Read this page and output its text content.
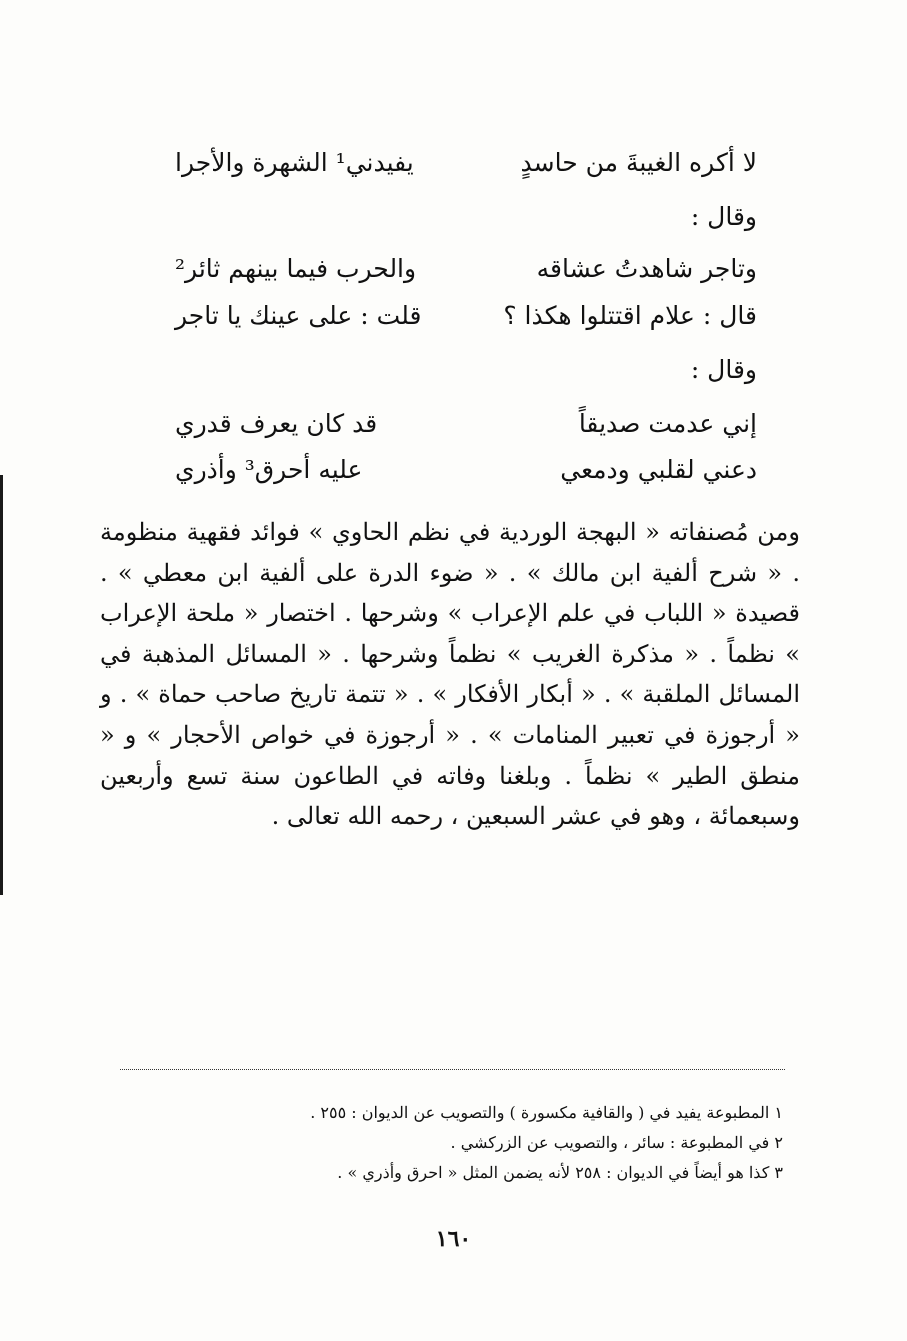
لا أكره الغيبةَ من حاسدٍ
يفيدني¹ الشهرة والأجرا
وقال :
وتاجر شاهدتُ عشاقه
والحرب فيما بينهم ثائر²
قال : علام اقتتلوا هكذا ؟
قلت : على عينك يا تاجر
وقال :
إني عدمت صديقاً
قد كان يعرف قدري
دعني لقلبي ودمعي
عليه أحرق³ وأذري

ومن مُصنفاته « البهجة الوردية في نظم الحاوي » فوائد فقهية منظومة . « شرح ألفية ابن مالك » . « ضوء الدرة على ألفية ابن معطي » . قصيدة « اللباب في علم الإعراب » وشرحها . اختصار « ملحة الإعراب » نظماً . « مذكرة الغريب » نظماً وشرحها . « المسائل المذهبة في المسائل الملقبة » . « أبكار الأفكار » . « تتمة تاريخ صاحب حماة » . و « أرجوزة في تعبير المنامات » . « أرجوزة في خواص الأحجار » و « منطق الطير » نظماً . وبلغنا وفاته في الطاعون سنة تسع وأربعين وسبعمائة ، وهو في عشر السبعين ، رحمه الله تعالى .

١ المطبوعة يفيد في ( والقافية مكسورة ) والتصويب عن الديوان : ٢٥٥ .

٢ في المطبوعة : سائر ، والتصويب عن الزركشي .

٣ كذا هو أيضاً في الديوان : ٢٥٨ لأنه يضمن المثل « احرق وأذري » .

١٦٠
